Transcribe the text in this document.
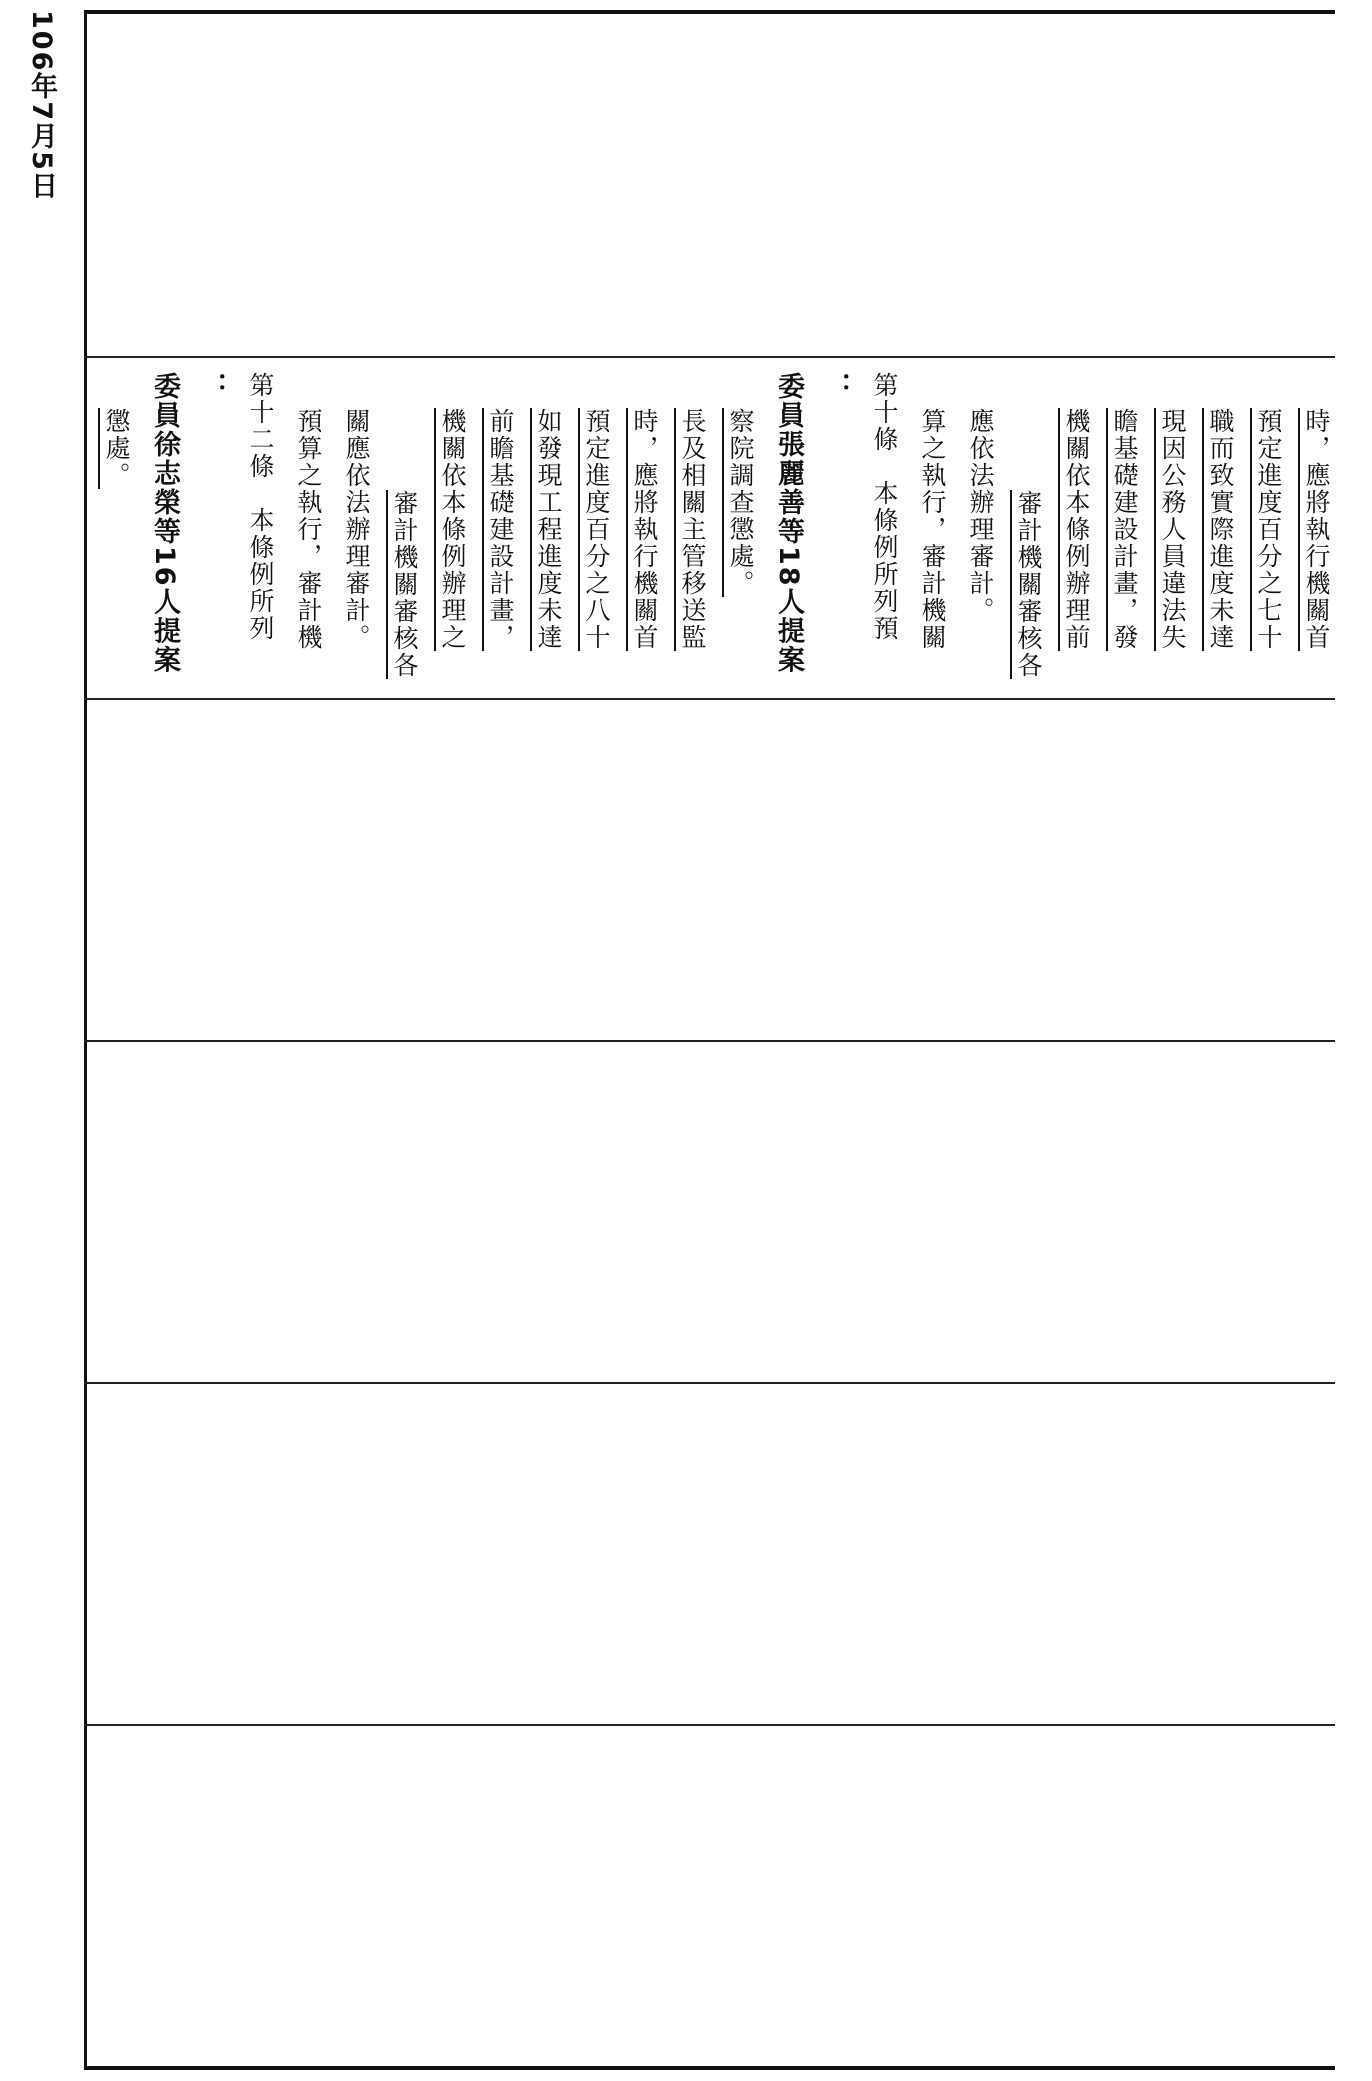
106年7月5日
懲處。 委員徐志榮等16人提案 ： 第十二條　本條例所列 預算之執行，審計機 關應依法辦理審計。 審計機關審核各 機關依本條例辦理之 前瞻基礎建設計畫， 如發現工程進度未達 預定進度百分之八十 時，應將執行機關首 長及相關主管移送監 察院調查懲處。 委員張麗善等18人提案 ： 第十條　本條例所列預 算之執行，審計機關 應依法辦理審計。 審計機關審核各 機關依本條例辦理前 瞻基礎建設計畫，發 現因公務人員違法失 職而致實際進度未達 預定進度百分之七十 時，應將執行機關首
